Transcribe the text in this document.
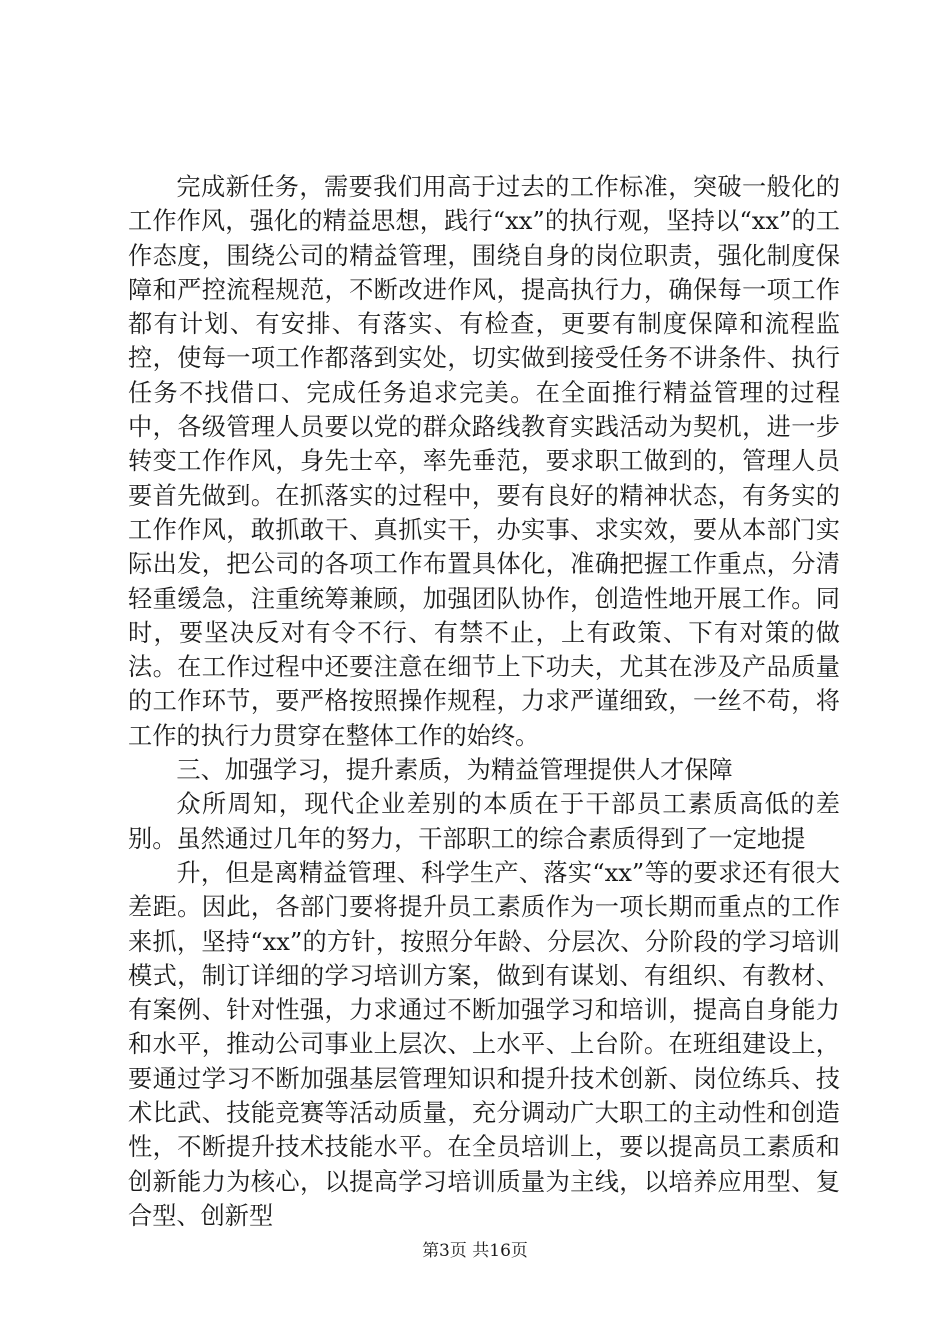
完成新任务，需要我们用高于过去的工作标准，突破一般化的工作作风，强化的精益思想，践行“xx”的执行观，坚持以“xx”的工作态度，围绕公司的精益管理，围绕自身的岗位职责，强化制度保障和严控流程规范，不断改进作风，提高执行力，确保每一项工作都有计划、有安排、有落实、有检查，更要有制度保障和流程监控，使每一项工作都落到实处，切实做到接受任务不讲条件、执行任务不找借口、完成任务追求完美。在全面推行精益管理的过程中，各级管理人员要以党的群众路线教育实践活动为契机，进一步转变工作作风，身先士卒，率先垂范，要求职工做到的，管理人员要首先做到。在抓落实的过程中，要有良好的精神状态，有务实的工作作风，敢抓敢干、真抓实干，办实事、求实效，要从本部门实际出发，把公司的各项工作布置具体化，准确把握工作重点，分清轻重缓急，注重统筹兼顾，加强团队协作，创造性地开展工作。同时，要坚决反对有令不行、有禁不止，上有政策、下有对策的做法。在工作过程中还要注意在细节上下功夫，尤其在涉及产品质量的工作环节，要严格按照操作规程，力求严谨细致，一丝不苟，将工作的执行力贯穿在整体工作的始终。

三、加强学习，提升素质，为精益管理提供人才保障

众所周知，现代企业差别的本质在于干部员工素质高低的差别。虽然通过几年的努力，干部职工的综合素质得到了一定地提

升，但是离精益管理、科学生产、落实“xx”等的要求还有很大差距。因此，各部门要将提升员工素质作为一项长期而重点的工作来抓，坚持“xx”的方针，按照分年龄、分层次、分阶段的学习培训模式，制订详细的学习培训方案，做到有谋划、有组织、有教材、有案例、针对性强，力求通过不断加强学习和培训，提高自身能力和水平，推动公司事业上层次、上水平、上台阶。在班组建设上，要通过学习不断加强基层管理知识和提升技术创新、岗位练兵、技术比武、技能竞赛等活动质量，充分调动广大职工的主动性和创造性，不断提升技术技能水平。在全员培训上，要以提高员工素质和创新能力为核心，以提高学习培训质量为主线，以培养应用型、复合型、创新型

第3页 共16页
